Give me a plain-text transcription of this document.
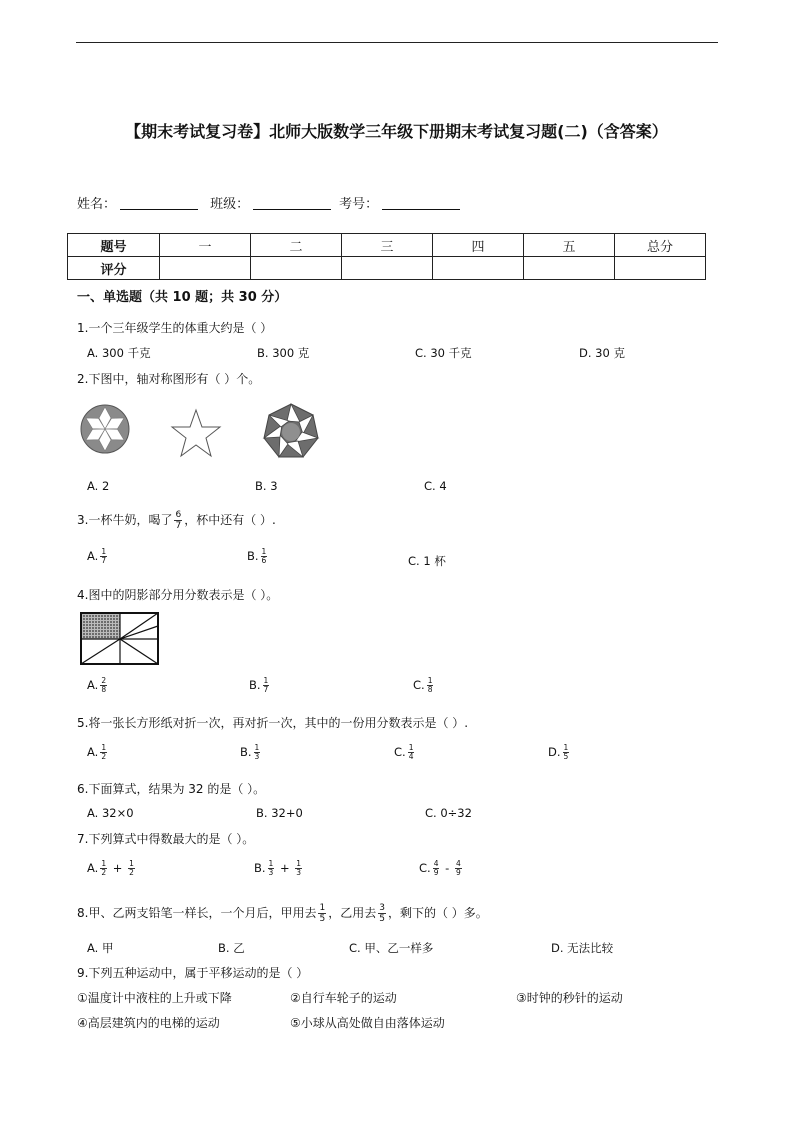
【期末考试复习卷】北师大版数学三年级下册期末考试复习题(二)（含答案）
姓名：	班级：	考号：
题号	一	二	三	四	五	总分
评分						
一、单选题（共 10 题；共 30 分）
1.一个三年级学生的体重大约是（ ）
A. 300 千克	B. 300 克	C. 30 千克	D. 30 克
2.下图中，轴对称图形有（ ）个。
A. 2	B. 3	C. 4
3.一杯牛奶，喝了 $\frac{6}{7}$ ，杯中还有（ ）.
A. $\frac{1}{7}$	B. $\frac{1}{6}$	C. 1 杯
4.图中的阴影部分用分数表示是（ ）。
A. $\frac{2}{8}$	B. $\frac{1}{7}$	C. $\frac{1}{8}$
5.将一张长方形纸对折一次，再对折一次，其中的一份用分数表示是（ ）.
A. $\frac{1}{2}$	B. $\frac{1}{3}$	C. $\frac{1}{4}$	D. $\frac{1}{5}$
6.下面算式，结果为 32 的是（ ）。
A. 32×0	B. 32+0	C. 0÷32
7.下列算式中得数最大的是（ ）。
A. $\frac{1}{2} + \frac{1}{2}$	B. $\frac{1}{3} + \frac{1}{3}$	C. $\frac{4}{9} - \frac{4}{9}$
8.甲、乙两支铅笔一样长，一个月后，甲用去 $\frac{1}{5}$ ，乙用去 $\frac{3}{5}$ ，剩下的（ ）多。
A. 甲	B. 乙	C. 甲、乙一样多	D. 无法比较
9.下列五种运动中，属于平移运动的是（ ）
①温度计中液柱的上升或下降	②自行车轮子的运动	③时钟的秒针的运动
④高层建筑内的电梯的运动	⑤小球从高处做自由落体运动
